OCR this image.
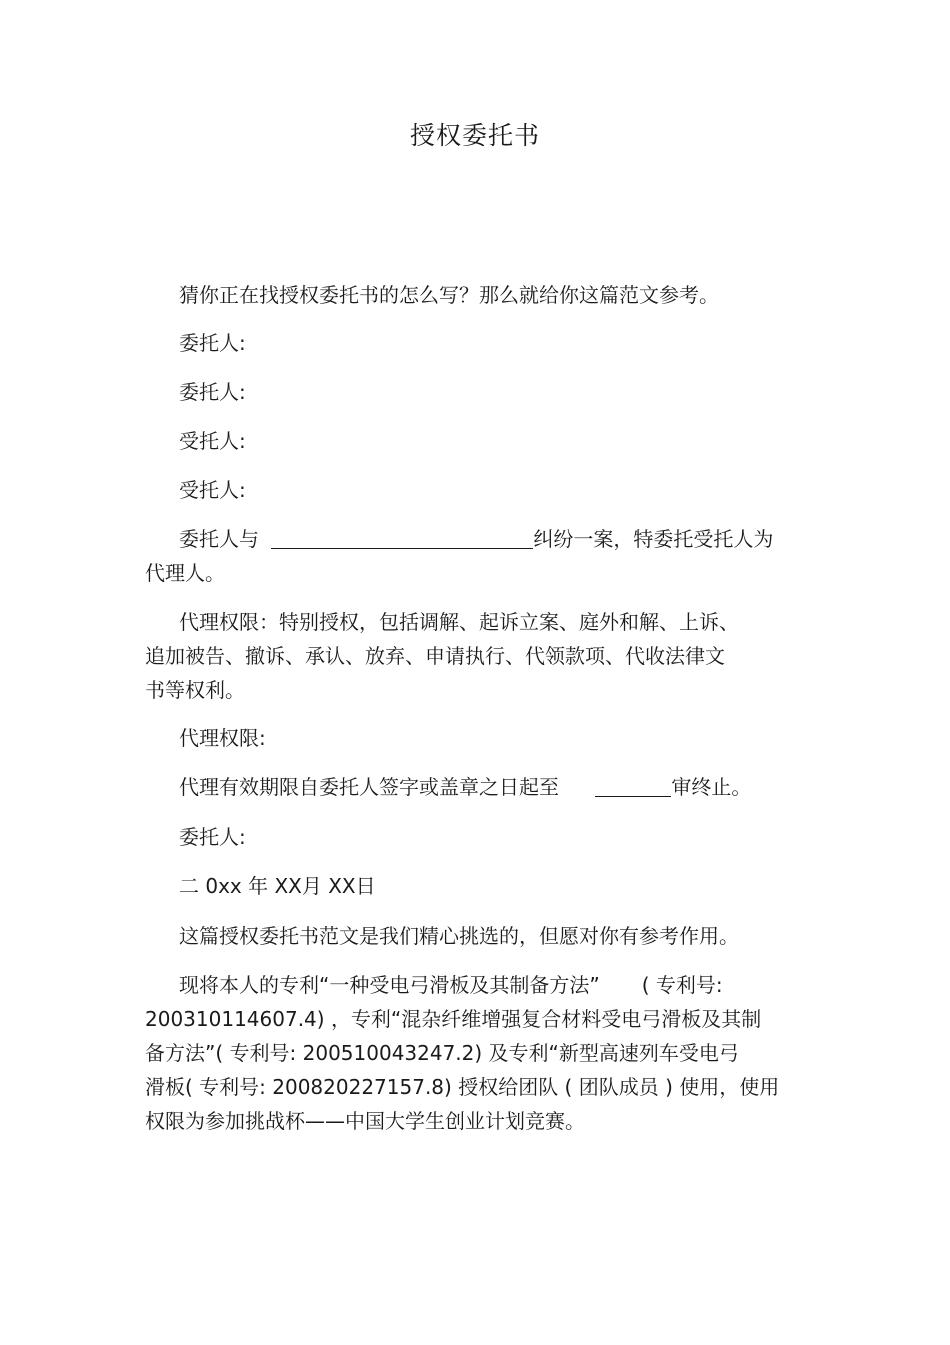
授权委托书
猜你正在找授权委托书的怎么写？那么就给你这篇范文参考。
委托人:
委托人:
受托人:
受托人:
委托人与	纠纷一案，特委托受托人为
代理人。
代理权限：特别授权，包括调解、起诉立案、庭外和解、上诉、
追加被告、撤诉、承认、放弃、申请执行、代领款项、代收法律文
书等权利。
代理权限:
代理有效期限自委托人签字或盖章之日起至	审终止。
委托人:
二 0xx 年 XX月 XX日
这篇授权委托书范文是我们精心挑选的，但愿对你有参考作用。
现将本人的专利“一种受电弓滑板及其制备方法” ( 专利号:
200310114607.4) ，专利“混杂纤维增强复合材料受电弓滑板及其制
备方法”( 专利号: 200510043247.2) 及专利“新型高速列车受电弓
滑板( 专利号: 200820227157.8) 授权给团队 ( 团队成员 ) 使用，使用
权限为参加挑战杯——中国大学生创业计划竞赛。
